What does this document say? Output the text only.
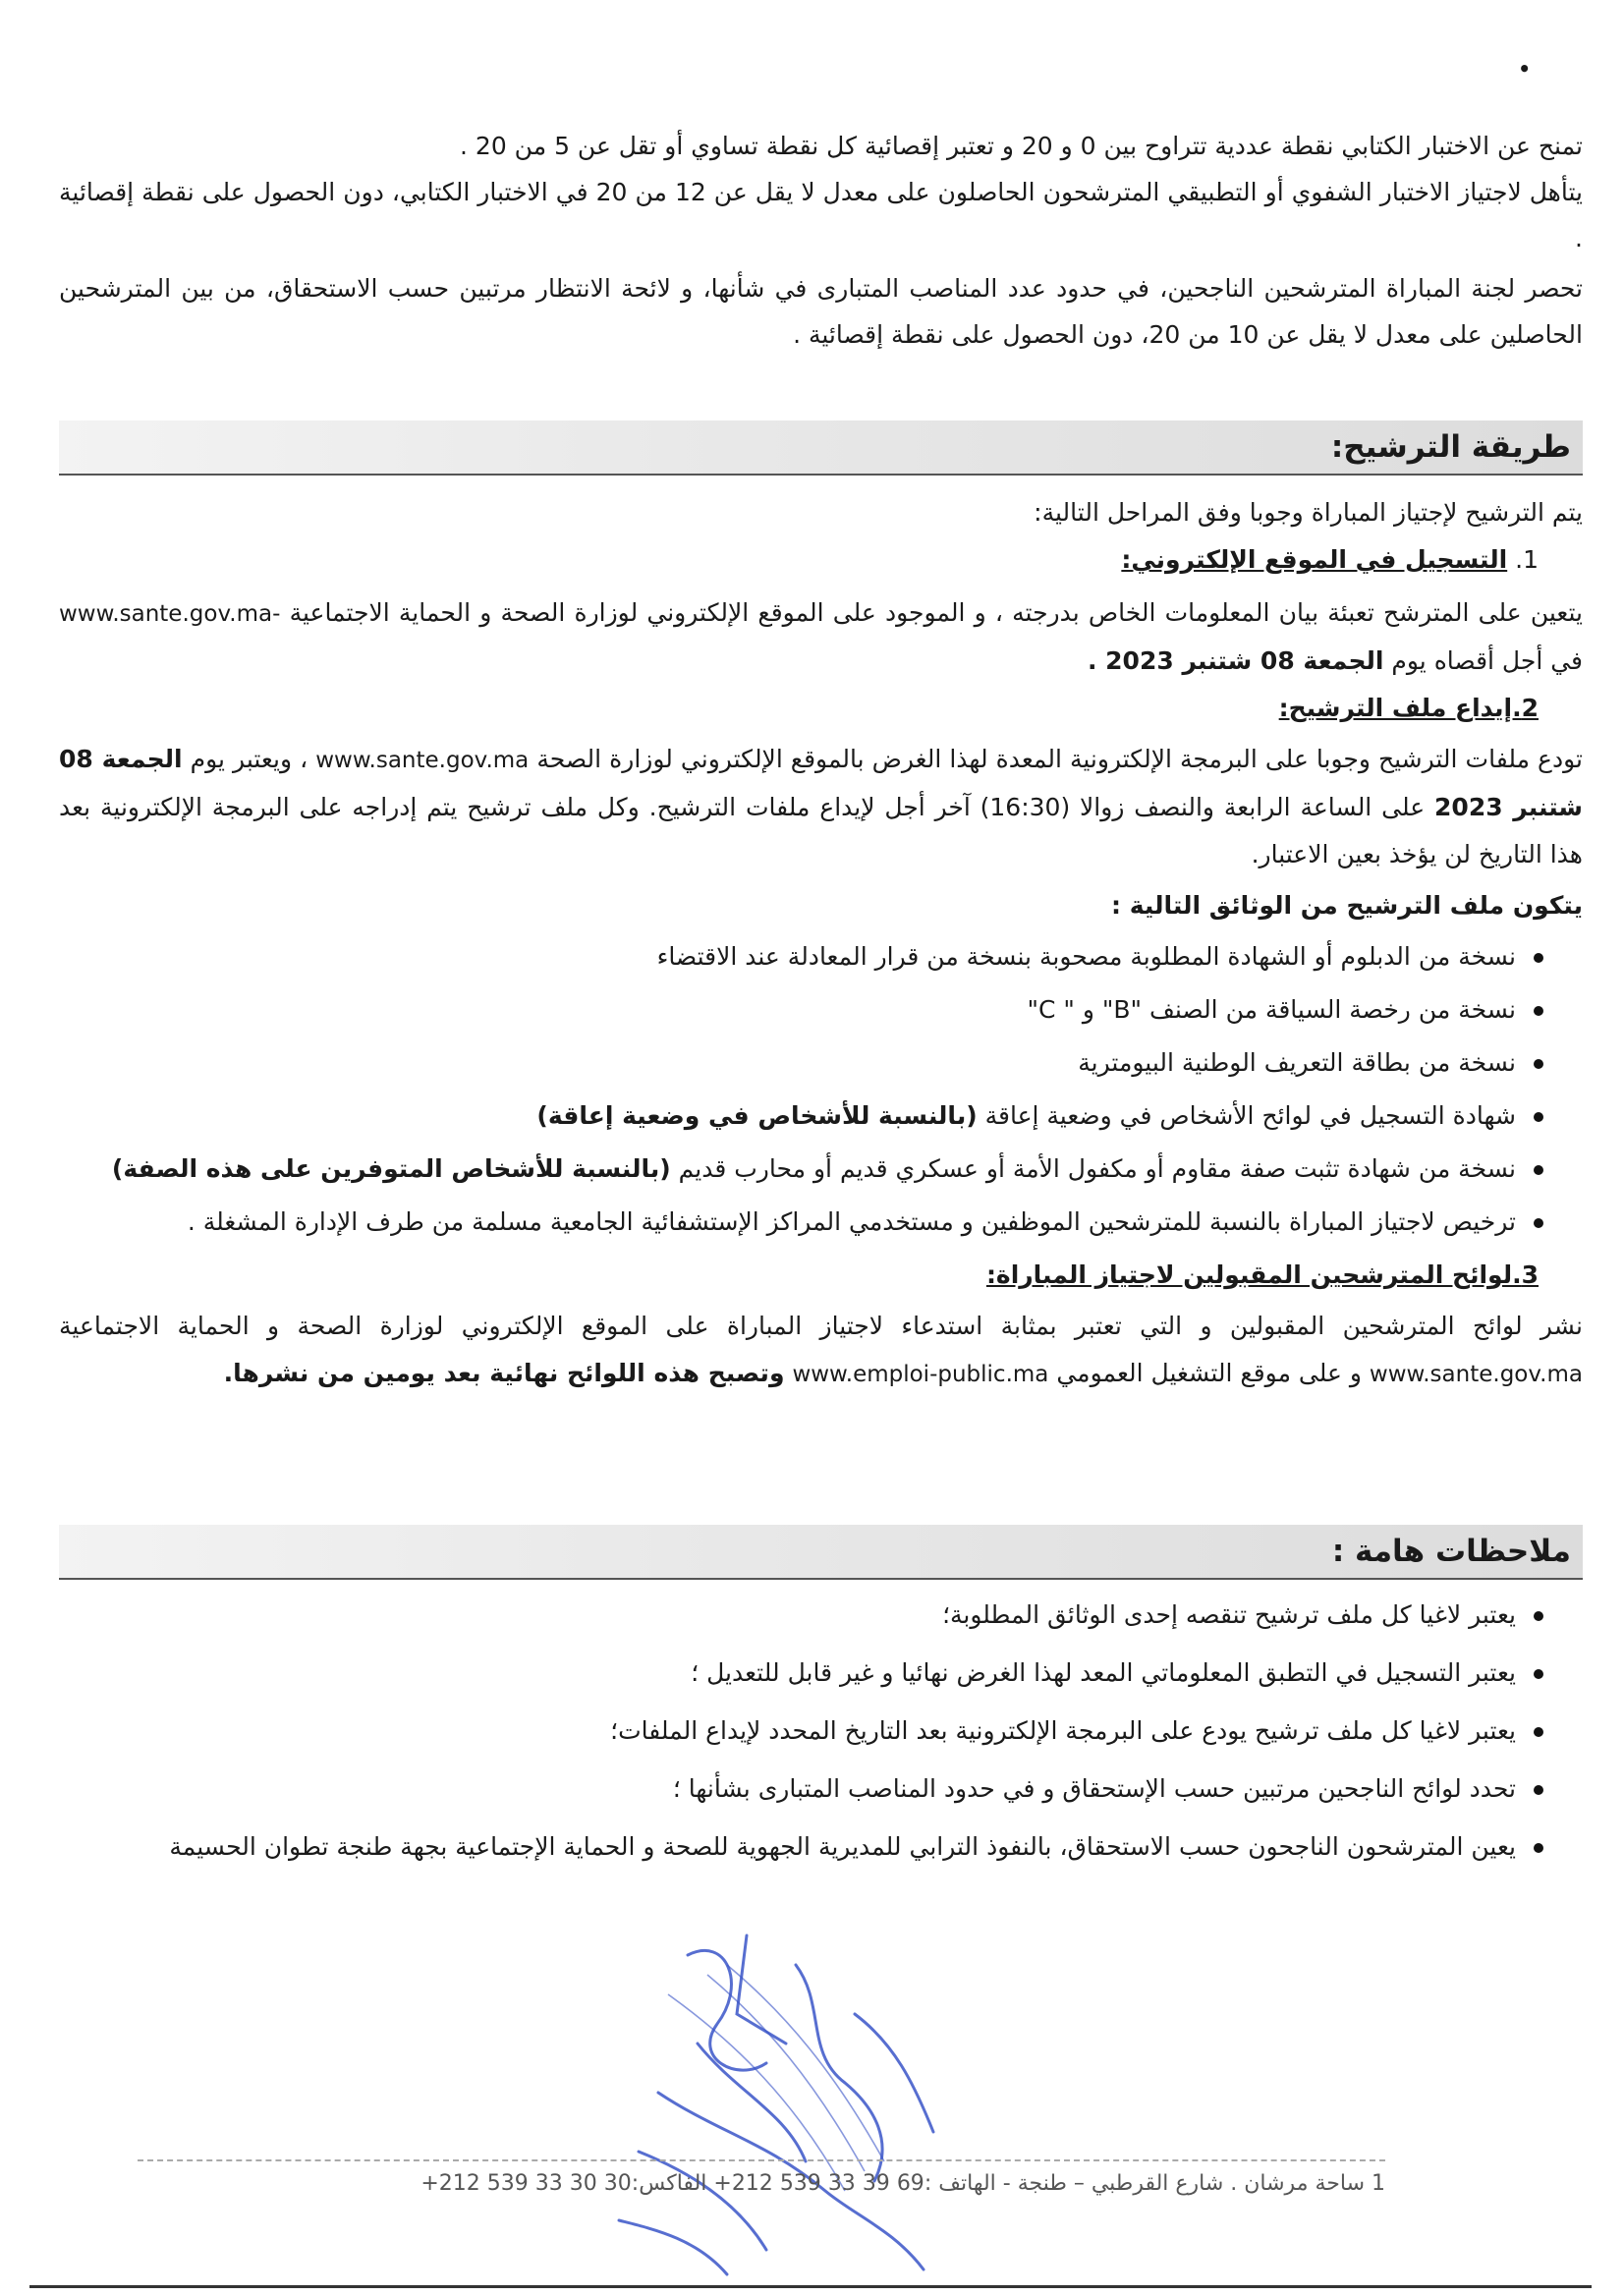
•

تمنح عن الاختبار الكتابي نقطة عددية تتراوح بين 0 و 20 و تعتبر إقصائية كل نقطة تساوي أو تقل عن 5 من 20 .

يتأهل لاجتياز الاختبار الشفوي أو التطبيقي المترشحون الحاصلون على معدل لا يقل عن 12 من 20 في الاختبار الكتابي، دون الحصول على نقطة إقصائية .

تحصر لجنة المباراة المترشحين الناجحين، في حدود عدد المناصب المتبارى في شأنها، و لائحة الانتظار مرتبين حسب الاستحقاق، من بين المترشحين الحاصلين على معدل لا يقل عن 10 من 20، دون الحصول على نقطة إقصائية .

طريقة الترشيح:

يتم الترشيح لإجتياز المباراة وجوبا وفق المراحل التالية:

1. التسجيل في الموقع الإلكتروني:

يتعين على المترشح تعبئة بيان المعلومات الخاص بدرجته ، و الموجود على الموقع الإلكتروني لوزارة الصحة و الحماية الاجتماعية www.sante.gov.ma- في أجل أقصاه يوم الجمعة 08 شتنبر 2023 .

2.إيداع ملف الترشيح:

تودع ملفات الترشيح وجوبا على البرمجة الإلكترونية المعدة لهذا الغرض بالموقع الإلكتروني لوزارة الصحة www.sante.gov.ma ، ويعتبر يوم الجمعة 08 شتنبر 2023 على الساعة الرابعة والنصف زوالا (16:30) آخر أجل لإيداع ملفات الترشيح. وكل ملف ترشيح يتم إدراجه على البرمجة الإلكترونية بعد هذا التاريخ لن يؤخذ بعين الاعتبار.

يتكون ملف الترشيح من الوثائق التالية :

نسخة من الدبلوم أو الشهادة المطلوبة مصحوبة بنسخة من قرار المعادلة عند الاقتضاء
نسخة من رخصة السياقة من الصنف "B" و " C"
نسخة من بطاقة التعريف الوطنية البيومترية
شهادة التسجيل في لوائح الأشخاص في وضعية إعاقة (بالنسبة للأشخاص في وضعية إعاقة)
نسخة من شهادة تثبت صفة مقاوم أو مكفول الأمة أو عسكري قديم أو محارب قديم (بالنسبة للأشخاص المتوفرين على هذه الصفة)
ترخيص لاجتياز المباراة بالنسبة للمترشحين الموظفين و مستخدمي المراكز الإستشفائية الجامعية مسلمة من طرف الإدارة المشغلة .

3.لوائح المترشحين المقبولين لاجتياز المباراة:

نشر لوائح المترشحين المقبولين و التي تعتبر بمثابة استدعاء لاجتياز المباراة على الموقع الإلكتروني لوزارة الصحة و الحماية الاجتماعية www.sante.gov.ma و على موقع التشغيل العمومي www.emploi-public.ma وتصبح هذه اللوائح نهائية بعد يومين من نشرها.

ملاحظات هامة :
يعتبر لاغيا كل ملف ترشيح تنقصه إحدى الوثائق المطلوبة؛
يعتبر التسجيل في التطبق المعلوماتي المعد لهذا الغرض نهائيا و غير قابل للتعديل ؛
يعتبر لاغيا كل ملف ترشيح يودع على البرمجة الإلكترونية بعد التاريخ المحدد لإيداع الملفات؛
تحدد لوائح الناجحين مرتبين حسب الإستحقاق و في حدود المناصب المتبارى بشأنها ؛
يعين المترشحون الناجحون حسب الاستحقاق، بالنفوذ الترابي للمديرية الجهوية للصحة و الحماية الإجتماعية بجهة طنجة تطوان الحسيمة
1 ساحة مرشان . شارع القرطبي – طنجة - الهاتف :69 39 33 539 212+ الفاكس:30 30 33 539 212+
